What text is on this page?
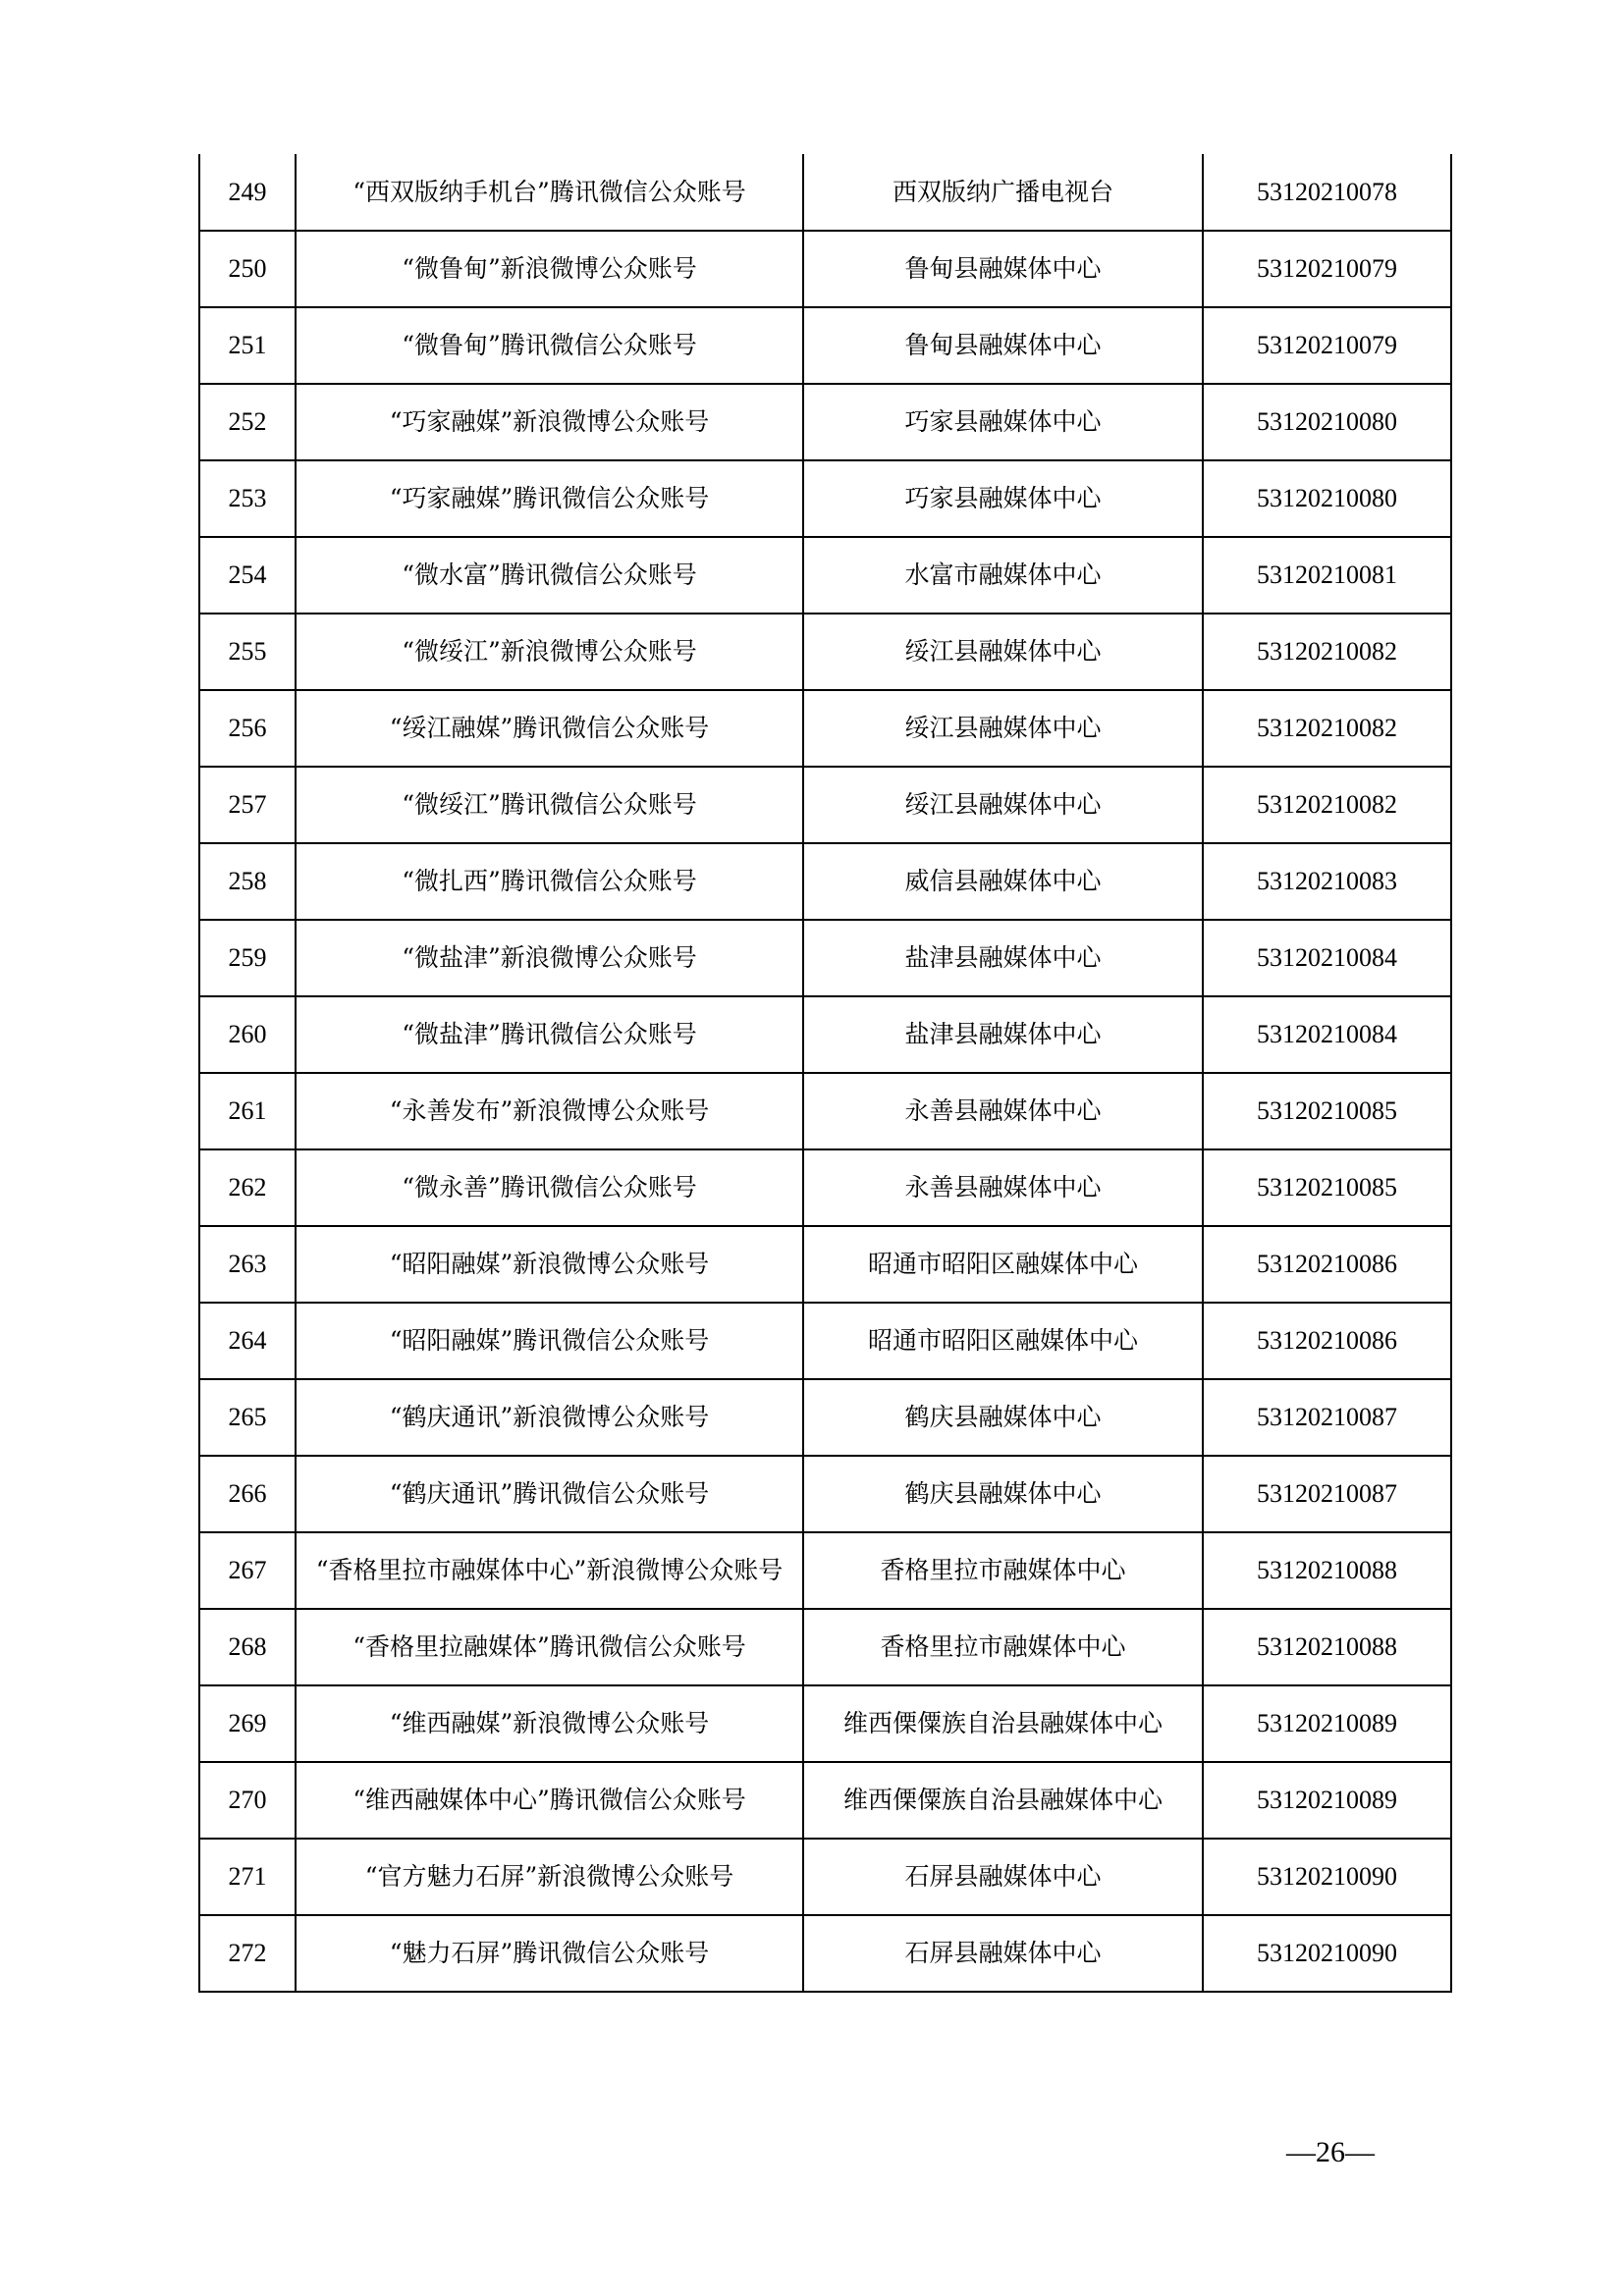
249	“西双版纳手机台”腾讯微信公众账号	西双版纳广播电视台	53120210078
250	“微鲁甸”新浪微博公众账号	鲁甸县融媒体中心	53120210079
251	“微鲁甸”腾讯微信公众账号	鲁甸县融媒体中心	53120210079
252	“巧家融媒”新浪微博公众账号	巧家县融媒体中心	53120210080
253	“巧家融媒”腾讯微信公众账号	巧家县融媒体中心	53120210080
254	“微水富”腾讯微信公众账号	水富市融媒体中心	53120210081
255	“微绥江”新浪微博公众账号	绥江县融媒体中心	53120210082
256	“绥江融媒”腾讯微信公众账号	绥江县融媒体中心	53120210082
257	“微绥江”腾讯微信公众账号	绥江县融媒体中心	53120210082
258	“微扎西”腾讯微信公众账号	威信县融媒体中心	53120210083
259	“微盐津”新浪微博公众账号	盐津县融媒体中心	53120210084
260	“微盐津”腾讯微信公众账号	盐津县融媒体中心	53120210084
261	“永善发布”新浪微博公众账号	永善县融媒体中心	53120210085
262	“微永善”腾讯微信公众账号	永善县融媒体中心	53120210085
263	“昭阳融媒”新浪微博公众账号	昭通市昭阳区融媒体中心	53120210086
264	“昭阳融媒”腾讯微信公众账号	昭通市昭阳区融媒体中心	53120210086
265	“鹤庆通讯”新浪微博公众账号	鹤庆县融媒体中心	53120210087
266	“鹤庆通讯”腾讯微信公众账号	鹤庆县融媒体中心	53120210087
267	“香格里拉市融媒体中心”新浪微博公众账号	香格里拉市融媒体中心	53120210088
268	“香格里拉融媒体”腾讯微信公众账号	香格里拉市融媒体中心	53120210088
269	“维西融媒”新浪微博公众账号	维西傈僳族自治县融媒体中心	53120210089
270	“维西融媒体中心”腾讯微信公众账号	维西傈僳族自治县融媒体中心	53120210089
271	“官方魅力石屏”新浪微博公众账号	石屏县融媒体中心	53120210090
272	“魅力石屏”腾讯微信公众账号	石屏县融媒体中心	53120210090
—26—
